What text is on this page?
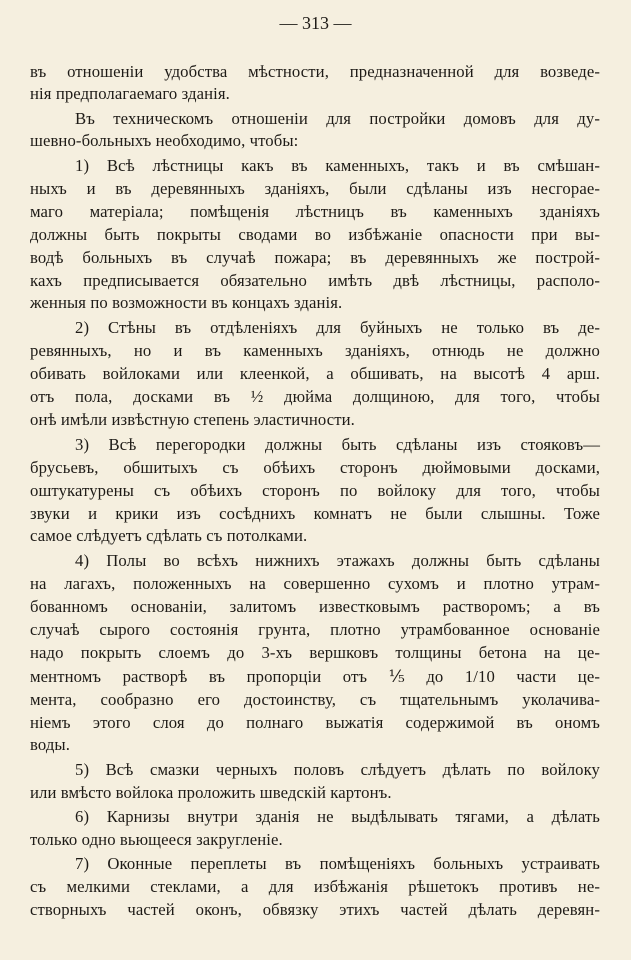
— 313 —
въ отношеніи удобства мѣстности, предназначенной для возведе-
нія предполагаемаго зданія.
Въ техническомъ отношеніи для постройки домовъ для ду-
шевно-больныхъ необходимо, чтобы:
1) Всѣ лѣстницы какъ въ каменныхъ, такъ и въ смѣшан-
ныхъ и въ деревянныхъ зданіяхъ, были сдѣланы изъ несгорае-
маго матеріала; помѣщенія лѣстницъ въ каменныхъ зданіяхъ
должны быть покрыты сводами во избѣжаніе опасности при вы-
водѣ больныхъ въ случаѣ пожара; въ деревянныхъ же построй-
кахъ предписывается обязательно имѣть двѣ лѣстницы, располо-
женныя по возможности въ концахъ зданія.
2) Стѣны въ отдѣленіяхъ для буйныхъ не только въ де-
ревянныхъ, но и въ каменныхъ зданіяхъ, отнюдь не должно
обивать войлоками или клеенкой, а обшивать, на высотѣ 4 арш.
отъ пола, досками въ ½ дюйма долщиною, для того, чтобы
онѣ имѣли извѣстную степень эластичности.
3) Всѣ перегородки должны быть сдѣланы изъ стояковъ—
брусьевъ, обшитыхъ съ обѣихъ сторонъ дюймовыми досками,
оштукатурены съ обѣихъ сторонъ по войлоку для того, чтобы
звуки и крики изъ сосѣднихъ комнатъ не были слышны. Тоже
самое слѣдуетъ сдѣлать съ потолками.
4) Полы во всѣхъ нижнихъ этажахъ должны быть сдѣланы
на лагахъ, положенныхъ на совершенно сухомъ и плотно утрам-
бованномъ основаніи, залитомъ известковымъ растворомъ; а въ
случаѣ сырого состоянія грунта, плотно утрамбованное основаніе
надо покрыть слоемъ до 3-хъ вершковъ толщины бетона на це-
ментномъ растворѣ въ пропорціи отъ ⅕ до 1/10 части це-
мента, сообразно его достоинству, съ тщательнымъ уколачива-
ніемъ этого слоя до полнаго выжатія содержимой въ ономъ
воды.
5) Всѣ смазки черныхъ половъ слѣдуетъ дѣлать по войлоку
или вмѣсто войлока проложить шведскій картонъ.
6) Карнизы внутри зданія не выдѣлывать тягами, а дѣлать
только одно вьющееся закругленіе.
7) Оконные переплеты въ помѣщеніяхъ больныхъ устраивать
съ мелкими стеклами, а для избѣжанія рѣшетокъ противъ не-
створныхъ частей оконъ, обвязку этихъ частей дѣлать деревян-
